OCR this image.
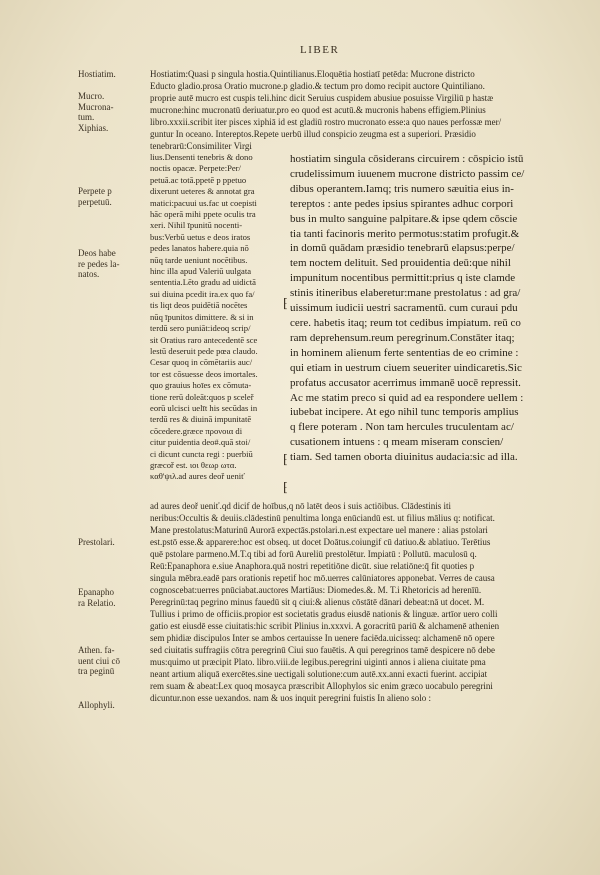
LIBER
Hostiatim.
Mucro.
Mucrona-
tum.
Xiphias.
Perpete p
perpetuū.
Deos habe
re pedes la-
natos.
Prestolari.
Epanapho
ra Relatio.
Athen. fa-
uent ciui cō
tra peginū
Allophyli.
Hostiatim:Quasi p singula hostia.Quintilianus.Eloquētia hostiatī petēda: Mucrone districto
Educto gladio.prosa Oratio mucrone.p gladio.& tectum pro domo recipit auctore Quintiliano.
proprie autē mucro est cuspis teli.hinc dicit Seruius cuspidem abusiue posuisse Virgiliū p hastæ
mucrone:hinc mucronatū deriuatur.pro eo quod est acutū.& mucronis habens effigiem.Plinius
libro.xxxii.scribit iter pisces xiphiā id est gladiū rostro mucronato esse:a quo naues perfossæ mer/
guntur In oceano. Intereptos.Repete uerbū illud conspicio zeugma est a superiori. Præsidio
tenebrarū:Consimiliter Virgi
lius.Densenti tenebris & dono
noctis opacæ. Perpete:Per/
petuā.ac totā.ppetē p ppetuo
dixerunt ueteres & annotat gra
matici:pacuui us.fac ut coepisti
hāc operā mihi ppete oculis tra
xeri. Nihil īpunitū nocenti-
bus:Verbū uetus e deos iratos
pedes lanatos habere.quia nō
nūq tarde ueniunt nocētibus.
hinc illa apud Valeriū uulgata
sententia.Lēto gradu ad uidictā
sui diuina pcedit ira.ex quo fa/
tis liqt deos puidētiā nocētes
nūq īpunitos dimittere. & si in
terdū sero puniāt:ideoq scrip/
sit Oratius raro antecedentē sce
lestū deseruit pede pœa claudo.
Cesar quoq in cōmētariis auc/
tor est cōsuesse deos imortales.
quo grauius hoīes ex cōmuta-
tione rerū doleāt:quos p sceleř
eorū ulcisci uelīt his secūdas in
terdū res & diuinā impunitatē
cōcedere.græce προνοια di
citur puidentia deo#.quā stoi/
ci dicunt cuncta regi : puerbiū
græcoř est. ιοι θεωρ ωτα.
καθ'ψιλ.ad aures deoř ueniť
⁅
⁅
⁅
hostiatim singula cōsiderans circuirem : cōspicio istū
crudelissimum iuuenem mucrone districto passim ce/
dibus operantem.Iamq; tris numero sæuitia eius in-
tereptos : ante pedes ipsius spirantes adhuc corpori
bus in multo sanguine palpitare.& ipse qdem cōscie
tia tanti facinoris merito permotus:statim profugit.&
in domū quādam præsidio tenebrarū elapsus:perpe/
tem noctem delituit. Sed prouidentia deū:que nihil
impunitum nocentibus permittit:prius q iste clamde
stinis itineribus elaberetur:mane prestolatus : ad gra/
uissimum iudicii uestri sacramentū. cum curaui pdu
cere. habetis itaq; reum tot cedibus impiatum. reū co
ram deprehensum.reum peregrinum.Constāter itaq;
in hominem alienum ferte sententias de eo crimine :
qui etiam in uestrum ciuem seueriter uindicaretis.Sic
profatus accusator acerrimus immanē uocē repressit.
Ac me statim preco si quid ad ea respondere uellem :
iubebat incipere. At ego nihil tunc temporis amplius
q flere poteram . Non tam hercules truculentam ac/
cusationem intuens : q meam miseram conscien/
tiam. Sed tamen oborta diuinitus audacia:sic ad illa.
ad aures deoř ueniť.qd dicif de hoībus,q nō latēt deos i suis actiōibus. Clādestinis iti
neribus:Occultis & deuiis.clādestinū penultima longa enūciandū est. ut filius mālius q: notificat.
Mane prestolatus:Maturinū Aurorā expectās.pstolari.n.est expectare uel manere : alias pstolari
est.pstō esse.& apparere:hoc est obseq. ut docet Doātus.coiungif cū datiuo.& ablatiuo. Terētius
quē pstolare parmeno.M.T.q tibi ad forū Aureliū prestolētur. Impiatū : Pollutū. maculosū q.
Reū:Epanaphora e.siue Anaphora.quā nostri repetitiōne dicūt. siue relatiōne:q̄ fit quoties p
singula mēbra.eadē pars orationis repetif hoc mō.uerres calūniatores apponebat. Verres de causa
cognoscebat:uerres pnūciabat.auctores Martiāus: Diomedes.&. M. T.i Rhetoricis ad herenīū.
Peregrinū:taq pegrino minus fauedū sit q ciui:& alienus cōstātē dānari debeat:nā ut docet. M.
Tullius i primo de officiis.propior est societatis gradus eiusdē nationis & linguæ. artīor uero colli
gatio est eiusdē esse ciuitatis:hic scribit Plinius in.xxxvi. A goracritū pariū & alchamenē athenien
sem phidiæ discipulos Inter se ambos certauisse In uenere faciēda.uicisseq: alchamenē nō opere
sed ciuitatis suffragiis cōtra peregrinū Ciui suo fauētis. A qui peregrinos tamē despicere nō debe
mus:quimo ut præcipit Plato. libro.viii.de legibus.peregrini uiginti annos i aliena ciuitate pma
neant artium aliquā exercētes.sine uectigali solutione:cum autē.xx.anni exacti fuerint. accipiat
rem suam & abeat:Lex quoq mosayca præscribit Allophylos sic enim græco uocabulo peregrini
dicuntur.non esse uexandos. nam & uos inquit peregrini fuistis In alieno solo :
